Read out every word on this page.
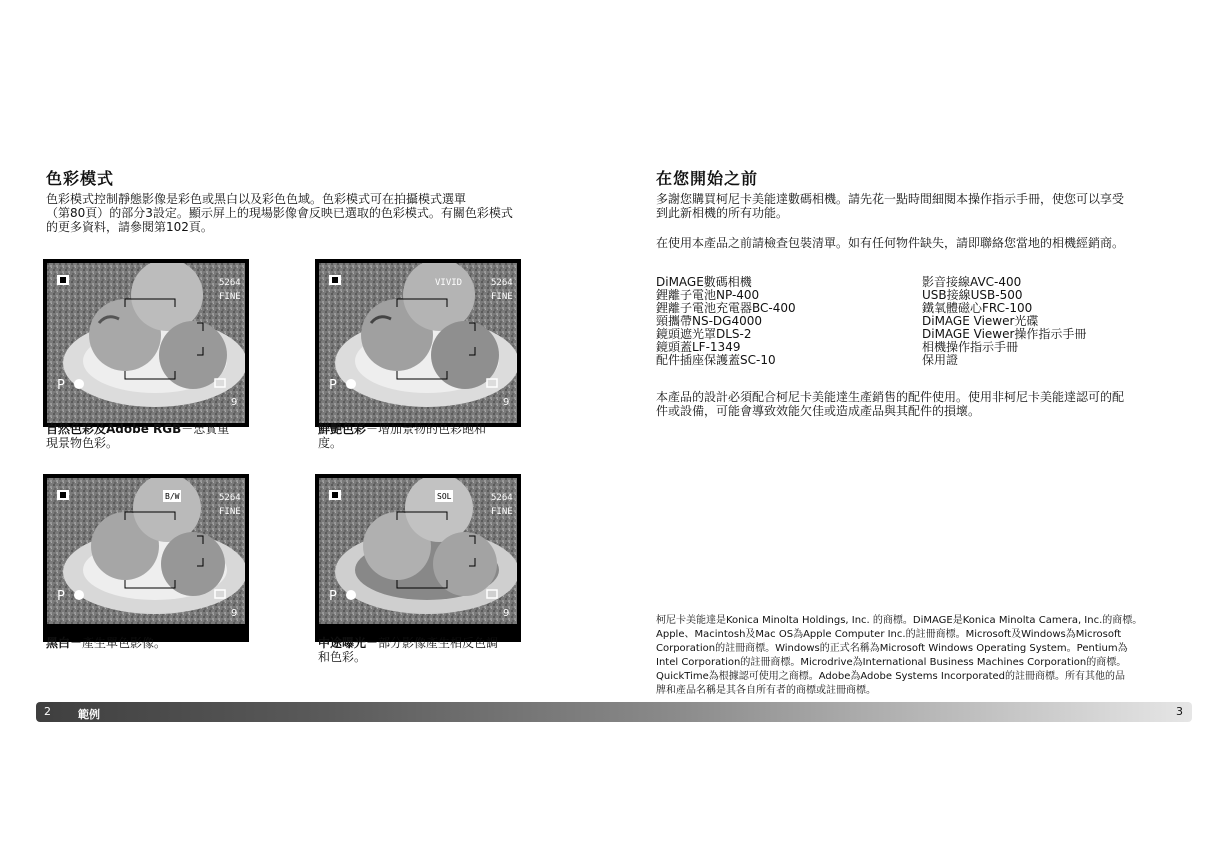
色彩模式
色彩模式控制靜態影像是彩色或黑白以及彩色色域。色彩模式可在拍攝模式選單
（第80頁）的部分3設定。顯示屏上的現場影像會反映已選取的色彩模式。有關色彩模式
的更多資料，請參閱第102頁。
5264
FINE
P
9
VIVID	5264
FINE
P
9
自然色彩及Adobe RGB－忠實重
現景物色彩。
鮮艷色彩－增加景物的色彩飽和
度。
B/W	5264
FINE
P
9
SOL	5264
FINE
P
9
黑白－產生單色影像。	中途曝光－部分影像產生相反色調
和色彩。
在您開始之前
多謝您購買柯尼卡美能達數碼相機。請先花一點時間細閱本操作指示手冊，使您可以享受
到此新相機的所有功能。
在使用本產品之前請檢查包裝清單。如有任何物件缺失，請即聯絡您當地的相機經銷商。
DiMAGE數碼相機
鋰離子電池NP-400
鋰離子電池充電器BC-400
頸攜帶NS-DG4000
鏡頭遮光罩DLS-2
鏡頭蓋LF-1349
配件插座保護蓋SC-10
影音接線AVC-400
USB接線USB-500
鐵氧體磁心FRC-100
DiMAGE Viewer光碟
DiMAGE Viewer操作指示手冊
相機操作指示手冊
保用證
本產品的設計必須配合柯尼卡美能達生產銷售的配件使用。使用非柯尼卡美能達認可的配
件或設備，可能會導致效能欠佳或造成產品與其配件的損壞。
柯尼卡美能達是Konica Minolta Holdings, Inc. 的商標。DiMAGE是Konica Minolta Camera, Inc.的商標。
Apple、Macintosh及Mac OS為Apple Computer Inc.的註冊商標。Microsoft及Windows為Microsoft
Corporation的註冊商標。Windows的正式名稱為Microsoft Windows Operating System。Pentium為
Intel Corporation的註冊商標。Microdrive為International Business Machines Corporation的商標。
QuickTime為根據認可使用之商標。Adobe為Adobe Systems Incorporated的註冊商標。所有其他的品
牌和產品名稱是其各自所有者的商標或註冊商標。
2 範例	3
